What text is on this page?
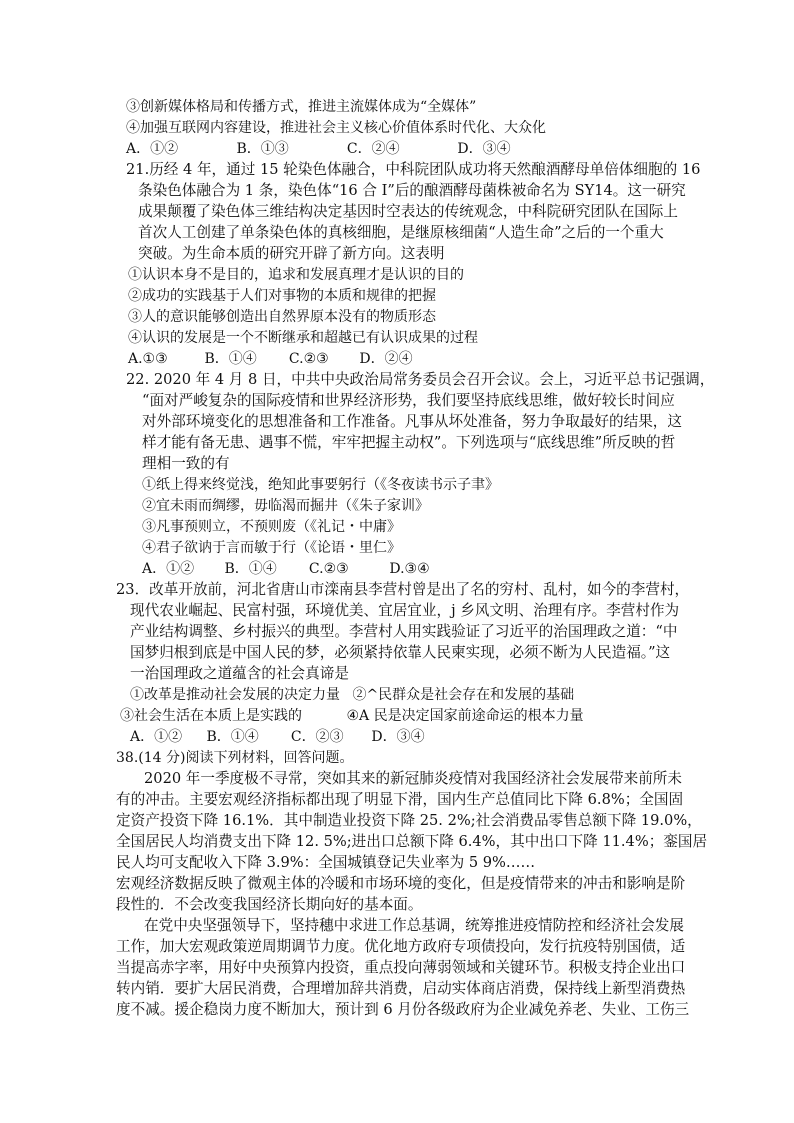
③创新媒体格局和传播方式，推进主流媒体成为“全媒体”
④加强互联网内容建设，推进社会主义核心价值体系时代化、大众化
A．①②	B．①③	C．②④	D．③④
21.历经 4 年，通过 15 轮染色体融合，中科院团队成功将天然酿酒酵母单倍体细胞的 16
条染色体融合为 1 条，染色体“16 合 I”后的酿酒酵母菌株被命名为 SY14。这一研究
成果颠覆了染色体三维结构决定基因时空表达的传统观念，中科院研究团队在国际上
首次人工创建了单条染色体的真核细胞，是继原核细菌“人造生命”之后的一个重大
突破。为生命本质的研究开辟了新方向。这表明
①认识本身不是目的，追求和发展真理才是认识的目的
②成功的实践基于人们对事物的本质和规律的把握
③人的意识能够创造出自然界原本没有的物质形态
④认识的发展是一个不断继承和超越已有认识成果的过程
A.①③	B．①④ C.②③ D．②④
22. 2020 年 4 月 8 日，中共中央政治局常务委员会召开会议。会上，习近平总书记强调，
“面对严峻复杂的国际疫情和世界经济形势，我们要坚持底线思维，做好较长时间应
对外部环境变化的思想准备和工作准备。凡事从坏处准备，努力争取最好的结果，这
样才能有备无患、遇事不慌，牢牢把握主动权”。下列选项与“底线思维”所反映的哲
理相一致的有
①纸上得来终觉浅，绝知此事要躬行（《冬夜读书示子聿》
②宜未雨而绸缪，毋临渴而掘井（《朱子家训》
③凡事预则立，不预则废（《礼记・中庸》
④君子欲讷于言而敏于行（《论语・里仁》
A．①② B．①④ C.②③	D.③④
23．改革开放前，河北省唐山市滦南县李营村曾是出了名的穷村、乱村，如今的李营村，
现代农业崛起、民富村强，环境优美、宜居宜业，j 乡风文明、治理有序。李营村作为
产业结构调整、乡村振兴的典型。李营村人用实践验证了习近平的治国理政之道：“中
国梦归根到底是中国人民的梦，必须紧持依靠人民柬实现，必须不断为人民造福。”这
一治国理政之道蕴含的社会真谛是
①改革是推动社会发展的决定力量 ②^民群众是社会存在和发展的基础
③社会生活在本质上是实践的	④A 民是决定国家前途命运的根本力量
A．①② B．①④ C．②③ D．③④
38.(14 分)阅读下列材料，回答问题。
2020 年一季度极不寻常，突如其来的新冠肺炎疫情对我国经济社会发展带来前所未
有的冲击。主要宏观经济指标都出现了明显下滑，国内生产总值同比下降 6.8%；全国固
定资产投资下降 16.1%．其中制造业投资下降 25. 2%;社会消费品零售总额下降 19.0%，
全国居民人均消费支出下降 12. 5%;进出口总额下降 6.4%，其中出口下降 11.4%；銮国居
民人均可支配收入下降 3.9%：全国城镇登记失业率为 5 9%……
宏观经济数据反映了微观主体的冷暖和市场环境的变化，但是疫情带来的冲击和影响是阶
段性的．不会改变我国经济长期向好的基本面。
在党中央坚强领导下，坚持穗中求进工作总基调，统筹推进疫情防控和经济社会发展
工作，加大宏观政策逆周期调节力度。优化地方政府专项债投向，发行抗疫特别国债，适
当提高赤字率，用好中央预算内投资，重点投向薄弱领域和关键环节。积极支持企业出口
转内销．要扩大居民消费，合理增加辞共消费，启动实体商店消费，保持线上新型消费热
度不减。援企稳岗力度不断加大，预计到 6 月份各级政府为企业减免养老、失业、工伤三
